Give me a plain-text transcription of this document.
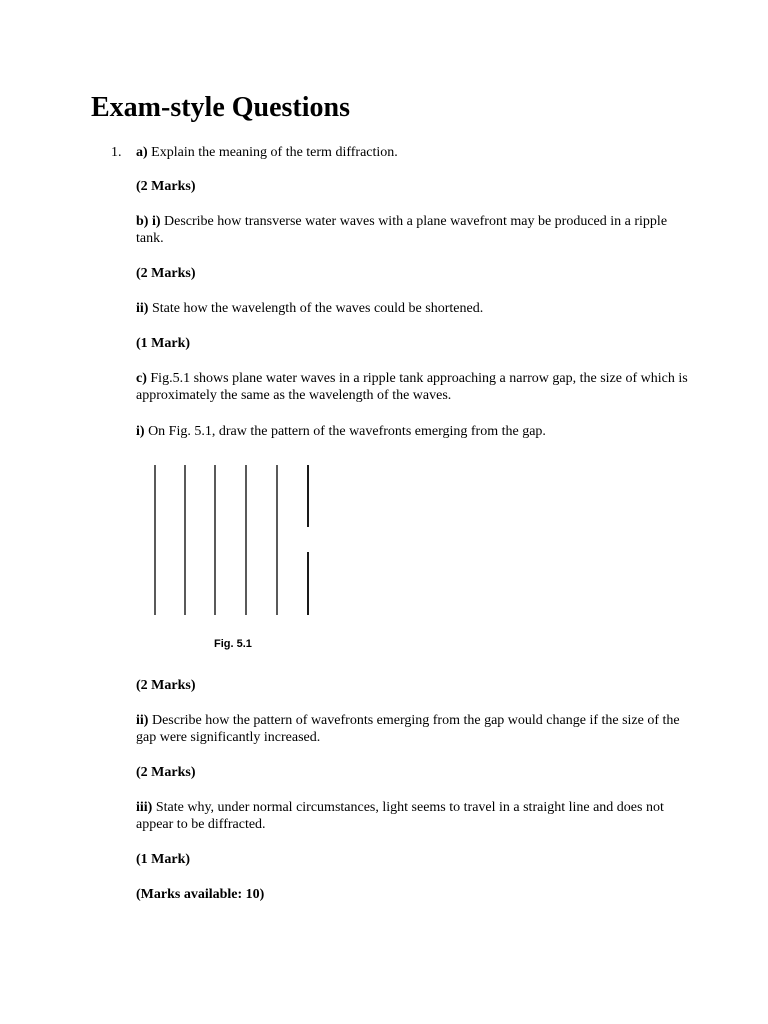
Exam-style Questions
1. a) Explain the meaning of the term diffraction.

(2 Marks)

b) i) Describe how transverse water waves with a plane wavefront may be produced in a ripple tank.

(2 Marks)

ii) State how the wavelength of the waves could be shortened.

(1 Mark)

c) Fig.5.1 shows plane water waves in a ripple tank approaching a narrow gap, the size of which is approximately the same as the wavelength of the waves.

i) On Fig. 5.1, draw the pattern of the wavefronts emerging from the gap.

Fig. 5.1

(2 Marks)

ii) Describe how the pattern of wavefronts emerging from the gap would change if the size of the gap were significantly increased.

(2 Marks)

iii) State why, under normal circumstances, light seems to travel in a straight line and does not appear to be diffracted.

(1 Mark)

(Marks available: 10)
